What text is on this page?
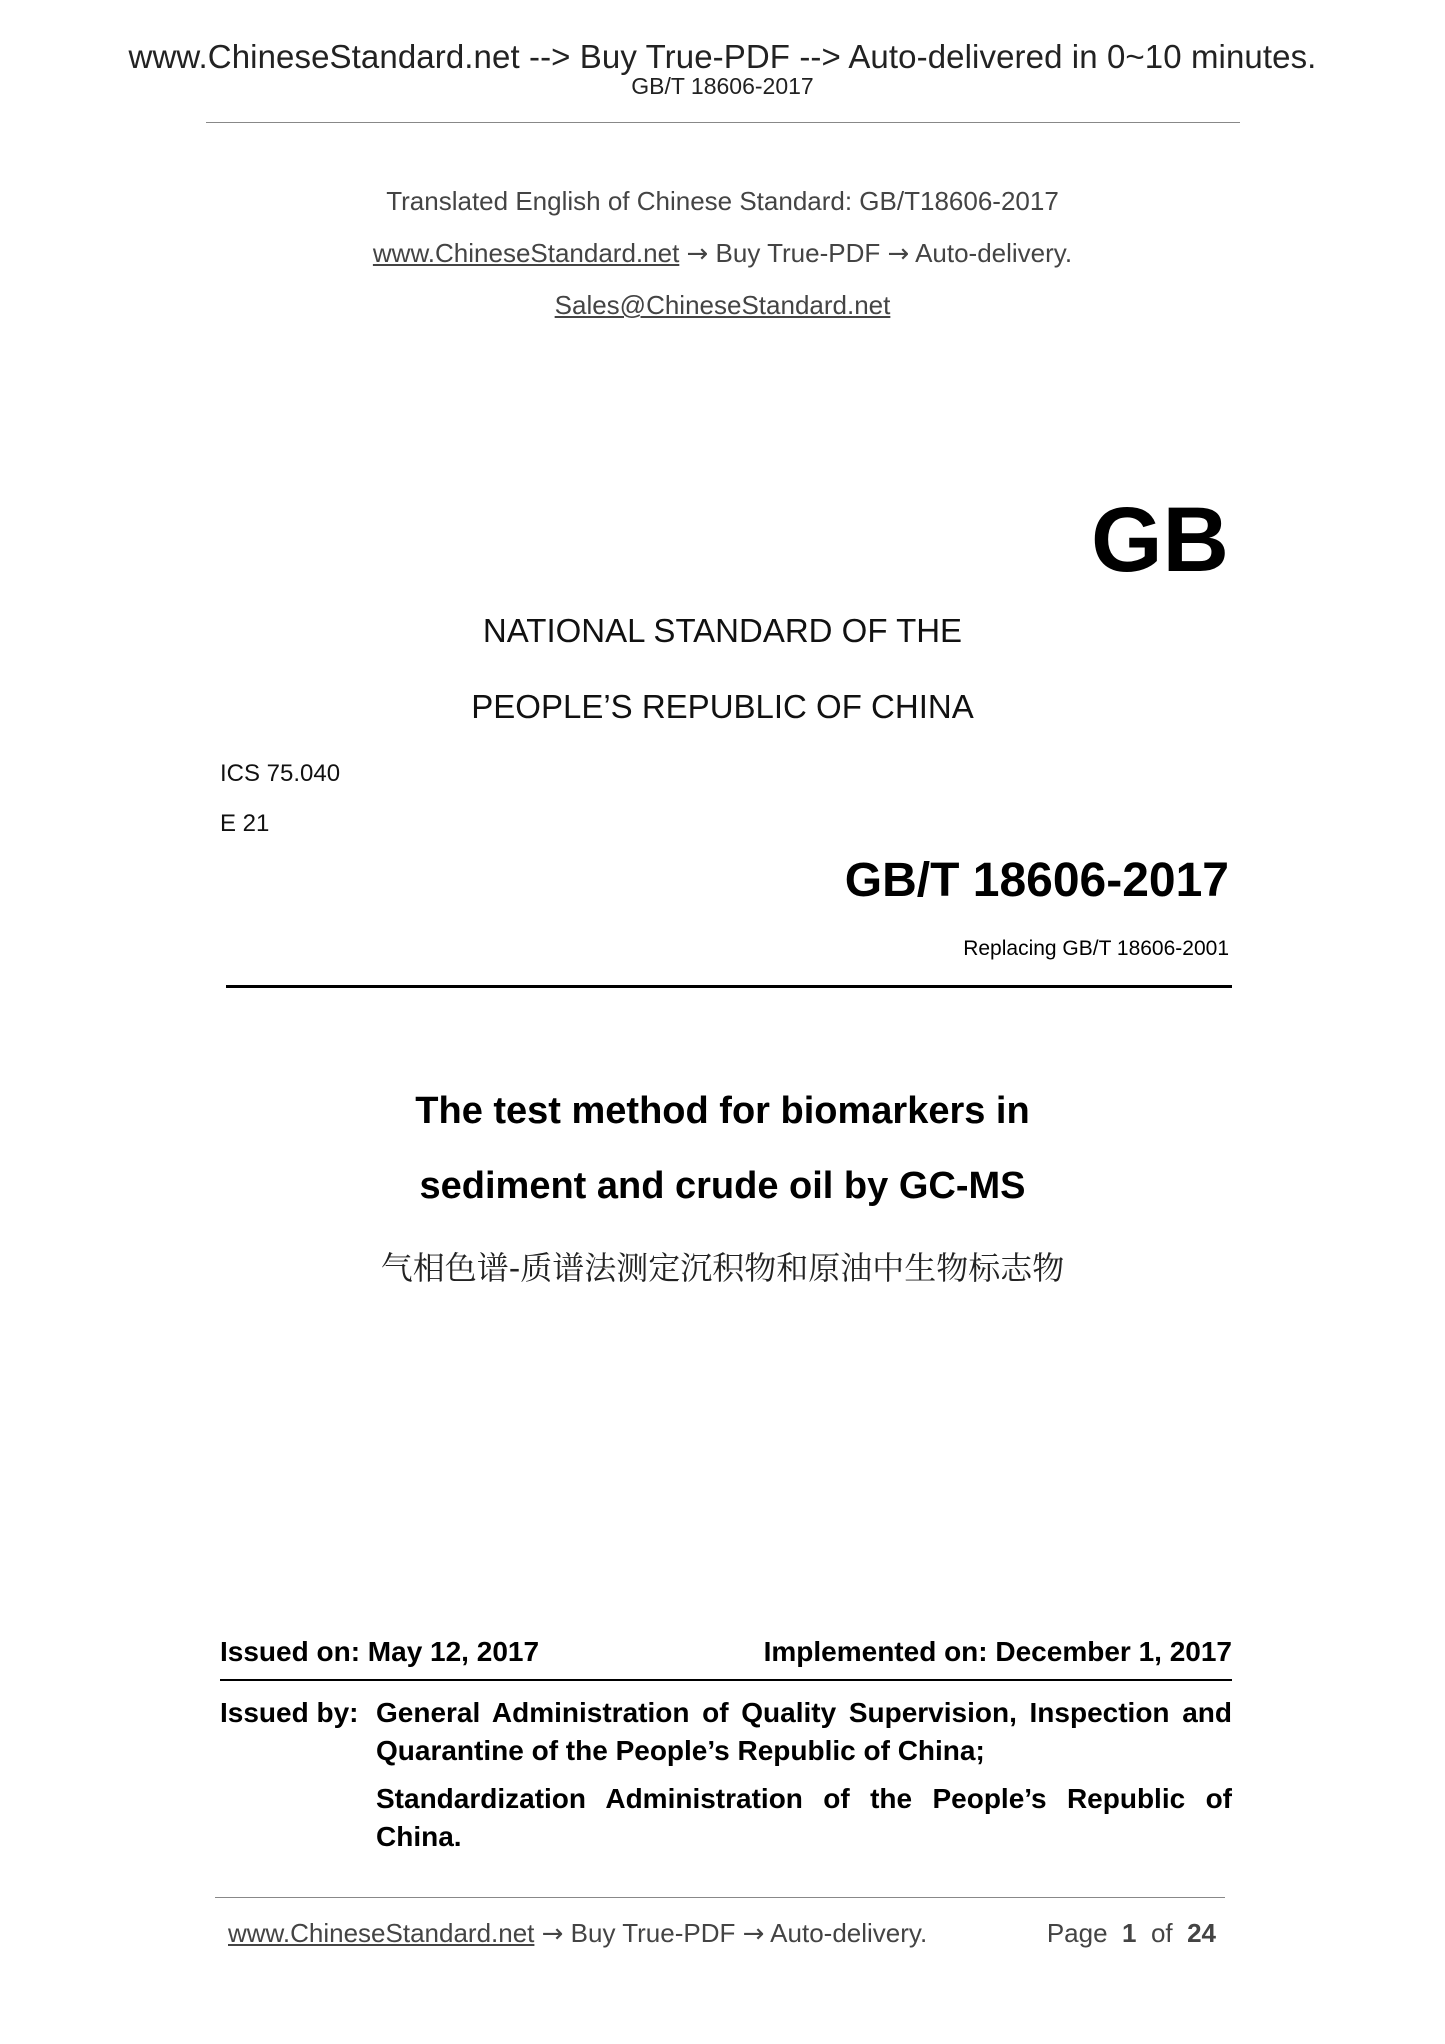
www.ChineseStandard.net --> Buy True-PDF --> Auto-delivered in 0~10 minutes.
GB/T 18606-2017
Translated English of Chinese Standard: GB/T18606-2017
www.ChineseStandard.net → Buy True-PDF → Auto-delivery.
Sales@ChineseStandard.net
GB
NATIONAL STANDARD OF THE
PEOPLE’S REPUBLIC OF CHINA
ICS 75.040
E 21
GB/T 18606-2017
Replacing GB/T 18606-2001
The test method for biomarkers in
sediment and crude oil by GC-MS
气相色谱-质谱法测定沉积物和原油中生物标志物
Issued on: May 12, 2017	Implemented on: December 1, 2017
Issued by: General Administration of Quality Supervision, Inspection and Quarantine of the People’s Republic of China;
Standardization Administration of the People’s Republic of China.
www.ChineseStandard.net → Buy True-PDF → Auto-delivery.	Page 1 of 24
